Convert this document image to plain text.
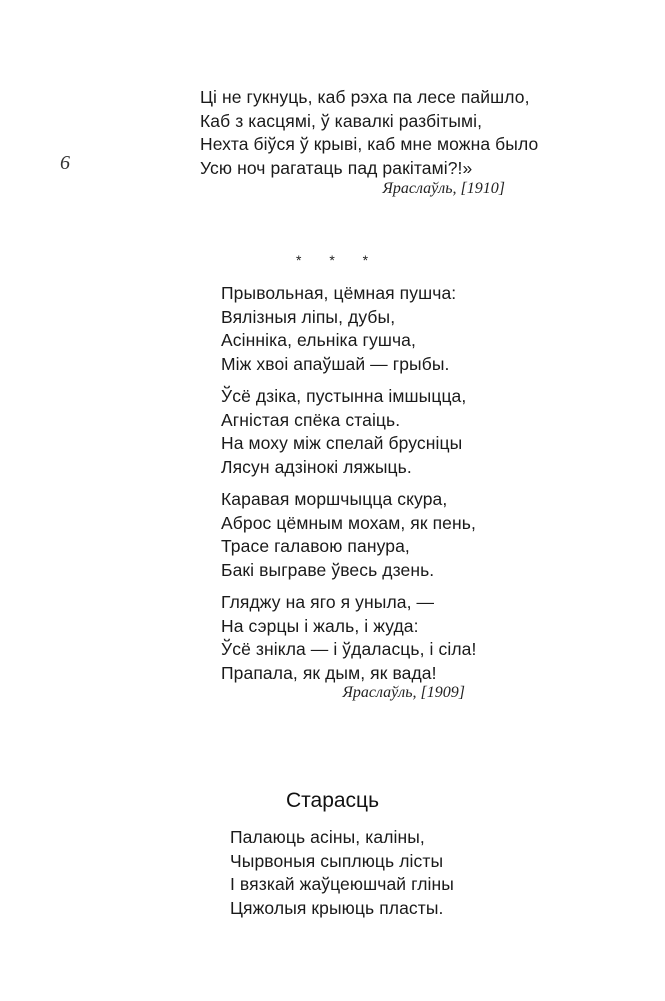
6
Ці не гукнуць, каб рэха па лесе пайшло,
Каб з касцямі, ў кавалкі разбітымі,
Нехта біўся ў крыві, каб мне можна было
Усю ноч рагатаць пад ракітамі?!»
Яраслаўль, [1910]
* * *
Прывольная, цёмная пушча:
Вялізныя ліпы, дубы,
Асінніка, ельніка гушча,
Між хвоі апаўшай — грыбы.
Ўсё дзіка, пустынна імшыцца,
Агністая спёка стаіць.
На моху між спелай брусніцы
Лясун адзінокі ляжыць.
Каравая моршчыцца скура,
Аброс цёмным мохам, як пень,
Трасе галавою панура,
Бакі выграве ўвесь дзень.
Гляджу на яго я уныла, —
На сэрцы і жаль, і жуда:
Ўсё знікла — і ўдаласць, і сіла!
Прапала, як дым, як вада!
Яраслаўль, [1909]
Старасць
Палаюць асіны, каліны,
Чырвоныя сыплюць лісты
І вязкай жаўцеюшчай гліны
Цяжолыя крыюць пласты.
